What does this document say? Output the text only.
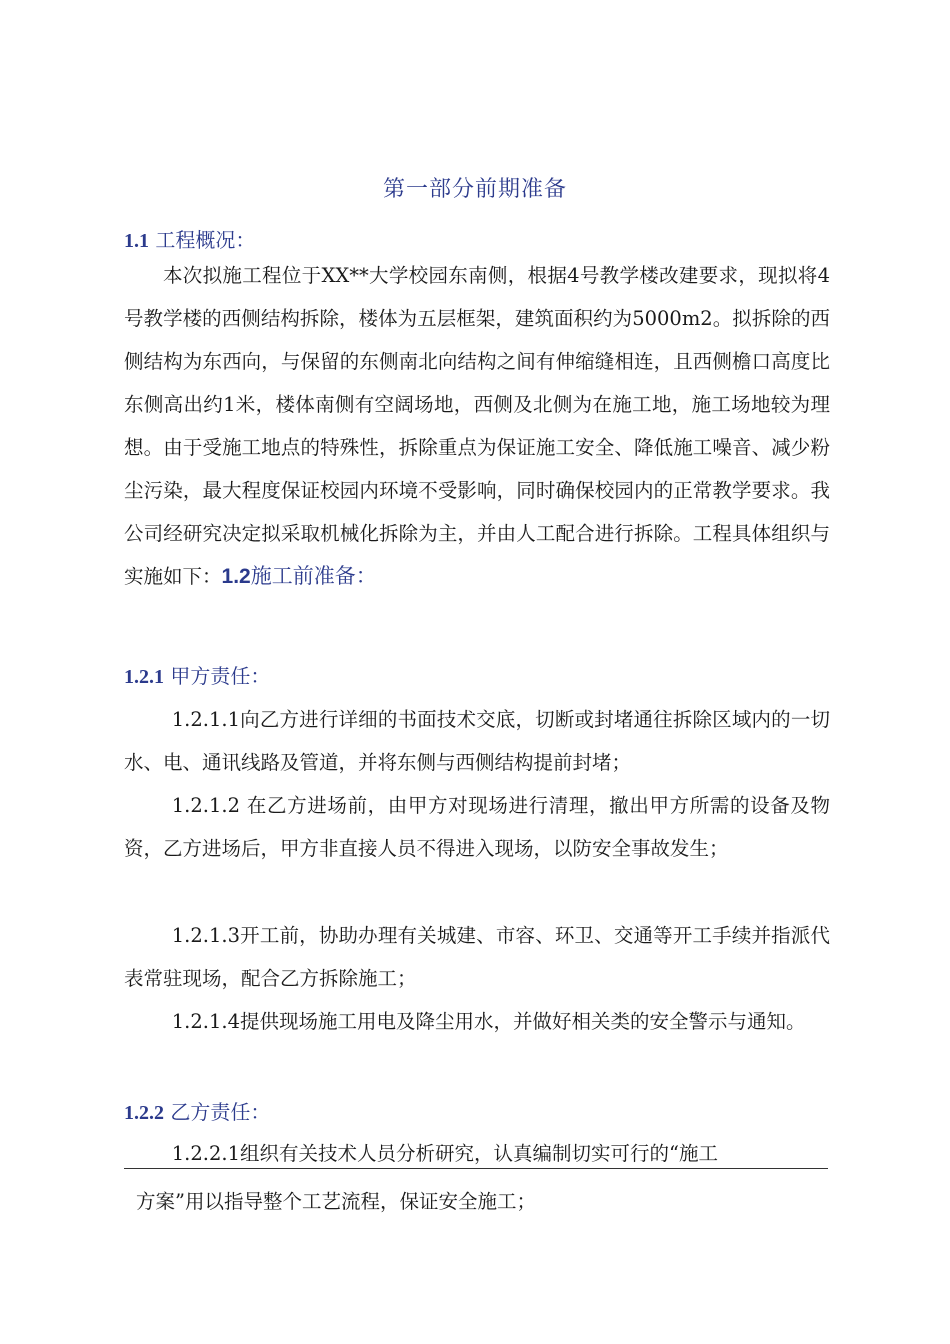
第一部分前期准备
1.1 工程概况：
本次拟施工程位于XX**大学校园东南侧，根据4号教学楼改建要求，现拟将4号教学楼的西侧结构拆除，楼体为五层框架，建筑面积约为5000m2。拟拆除的西侧结构为东西向，与保留的东侧南北向结构之间有伸缩缝相连，且西侧檐口高度比东侧高出约1米，楼体南侧有空阔场地，西侧及北侧为在施工地，施工场地较为理想。由于受施工地点的特殊性，拆除重点为保证施工安全、降低施工噪音、减少粉尘污染，最大程度保证校园内环境不受影响，同时确保校园内的正常教学要求。我公司经研究决定拟采取机械化拆除为主，并由人工配合进行拆除。工程具体组织与实施如下：1.2施工前准备：
1.2.1 甲方责任：
1.2.1.1向乙方进行详细的书面技术交底，切断或封堵通往拆除区域内的一切水、电、通讯线路及管道，并将东侧与西侧结构提前封堵；
1.2.1.2 在乙方进场前，由甲方对现场进行清理，撤出甲方所需的设备及物资，乙方进场后，甲方非直接人员不得进入现场，以防安全事故发生；
1.2.1.3开工前，协助办理有关城建、市容、环卫、交通等开工手续并指派代表常驻现场，配合乙方拆除施工；
1.2.1.4提供现场施工用电及降尘用水，并做好相关类的安全警示与通知。
1.2.2 乙方责任：
1.2.2.1组织有关技术人员分析研究，认真编制切实可行的“施工
方案”用以指导整个工艺流程，保证安全施工；
